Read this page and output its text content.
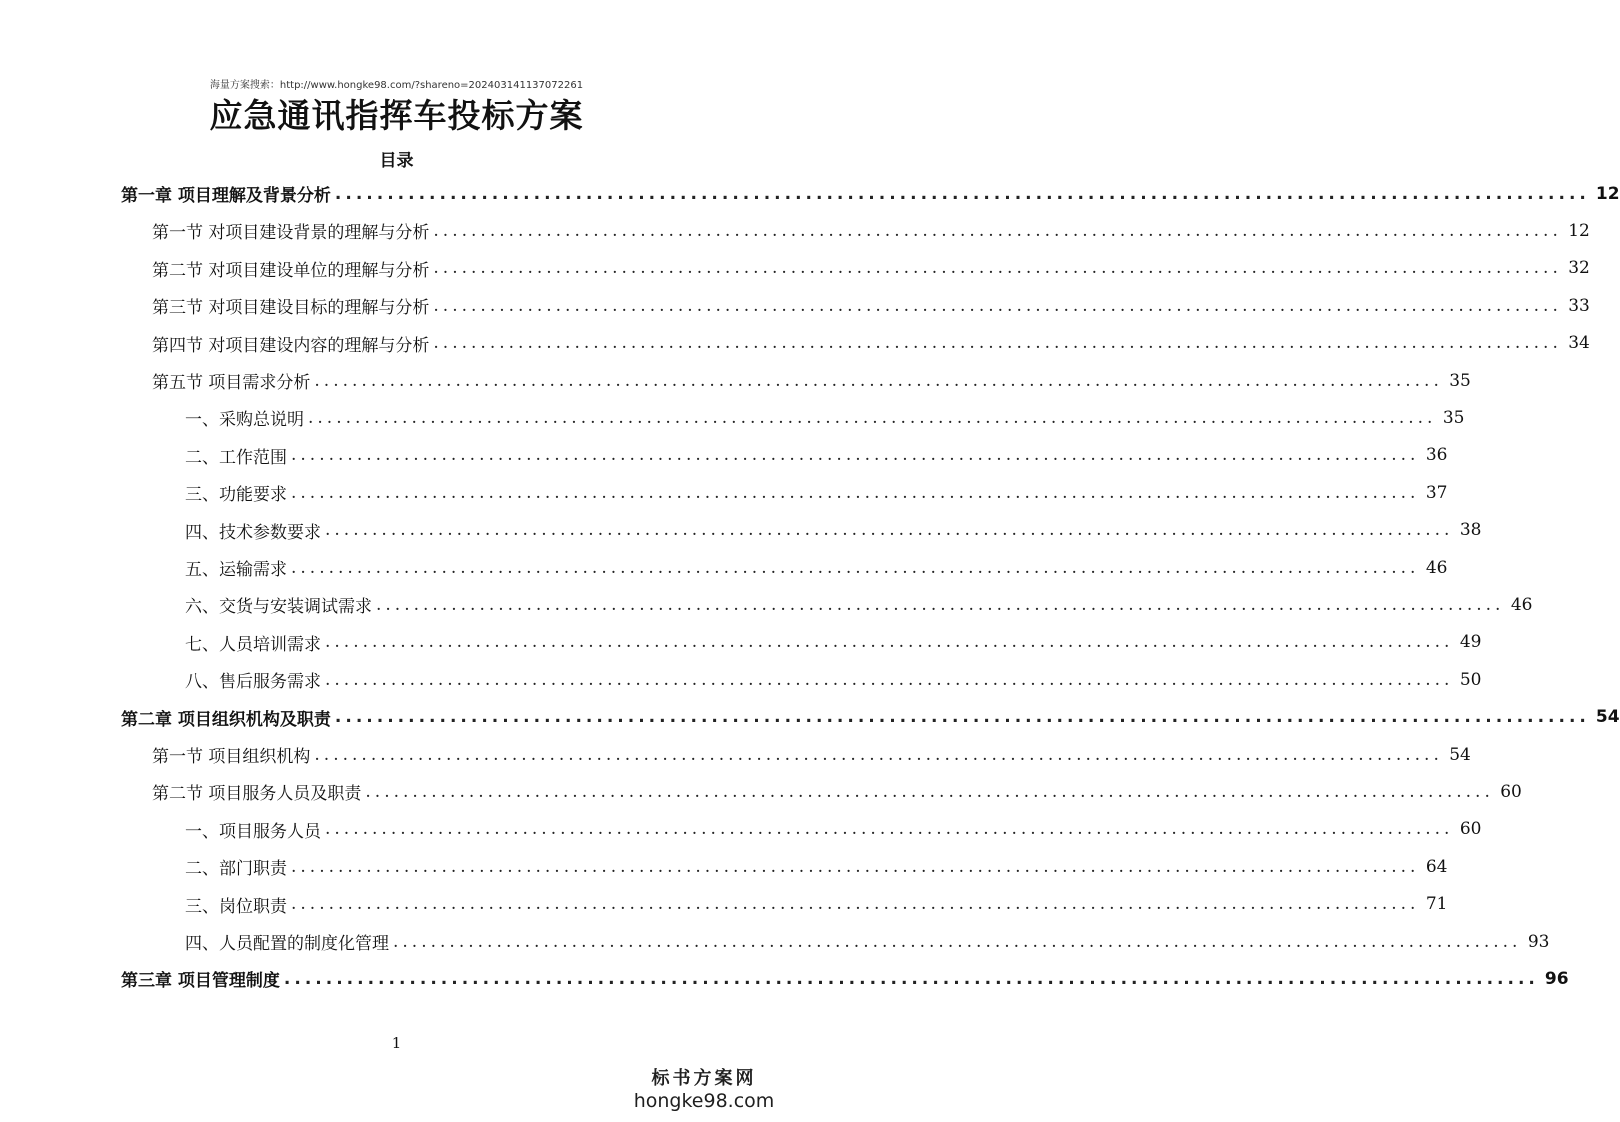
海量方案搜索：http://www.hongke98.com/?shareno=202403141137072261
应急通讯指挥车投标方案
目录
第一章 项目理解及背景分析 ........................................................................................................................ 12
第一节 对项目建设背景的理解与分析 ........................................................................................................................ 12
第二节 对项目建设单位的理解与分析 ........................................................................................................................ 32
第三节 对项目建设目标的理解与分析 ........................................................................................................................ 33
第四节 对项目建设内容的理解与分析 ........................................................................................................................ 34
第五节 项目需求分析 ........................................................................................................................ 35
一、采购总说明 ........................................................................................................................ 35
二、工作范围 ........................................................................................................................ 36
三、功能要求 ........................................................................................................................ 37
四、技术参数要求 ........................................................................................................................ 38
五、运输需求 ........................................................................................................................ 46
六、交货与安装调试需求 ........................................................................................................................ 46
七、人员培训需求 ........................................................................................................................ 49
八、售后服务需求 ........................................................................................................................ 50
第二章 项目组织机构及职责 ........................................................................................................................ 54
第一节 项目组织机构 ........................................................................................................................ 54
第二节 项目服务人员及职责 ........................................................................................................................ 60
一、项目服务人员 ........................................................................................................................ 60
二、部门职责 ........................................................................................................................ 64
三、岗位职责 ........................................................................................................................ 71
四、人员配置的制度化管理 ........................................................................................................................ 93
第三章 项目管理制度 ........................................................................................................................ 96
1
标书方案网
hongke98.com
